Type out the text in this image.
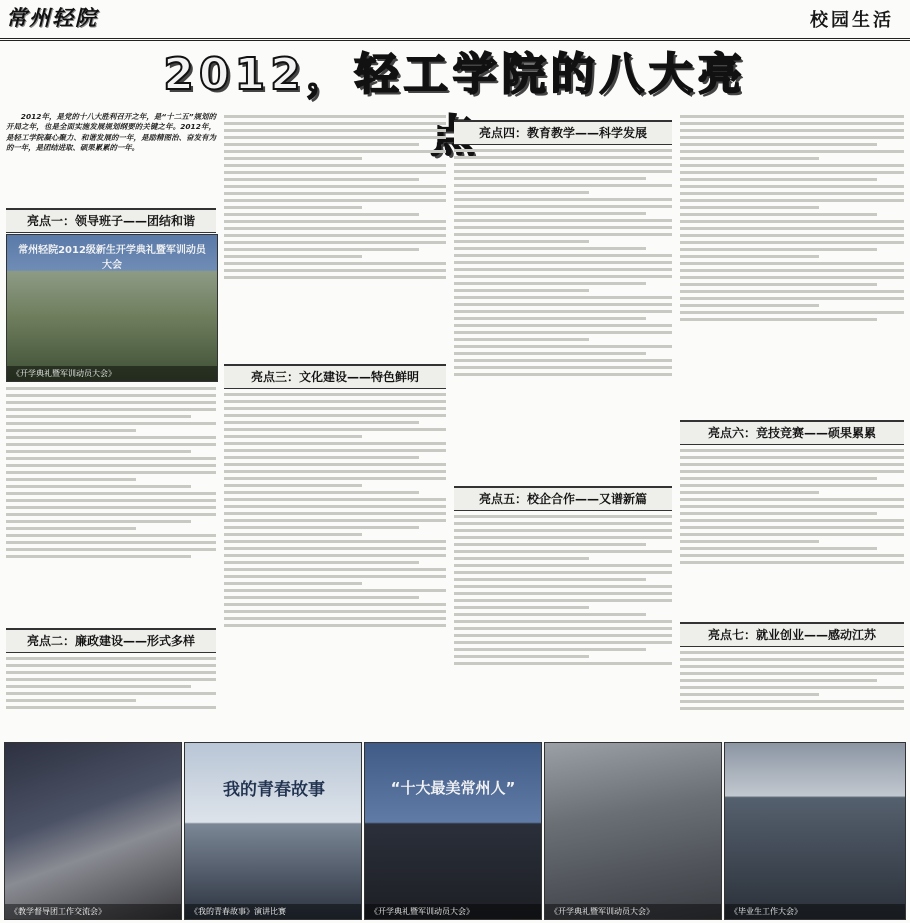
常州轻院	校园生活
2012，轻工学院的八大亮

2012年，是党的十八大胜利召开之年，是“十二五”规划的开局之年，也是全面实施发展规划纲要的关键之年。2012年，是轻工学院凝心聚力、和谐发展的一年，是励精图治、奋发有为的一年，是团结进取、硕果累累的一年。

亮点一：领导班子——团结和谐
常州轻院2012级新生开学典礼暨军训动员大会
《开学典礼暨军训动员大会》
亮点二：廉政建设——形式多样
亮点三：文化建设——特色鲜明
亮点四：教育教学——科学发展
亮点五：校企合作——又谱新篇
亮点六：竞技竞赛——硕果累累
亮点七：就业创业——感动江苏
《教学督导团工作交流会》
我的青春故事
《我的青春故事》演讲比赛
“十大最美常州人”
《开学典礼暨军训动员大会》	《开学典礼暨军训动员大会》	《毕业生工作大会》
